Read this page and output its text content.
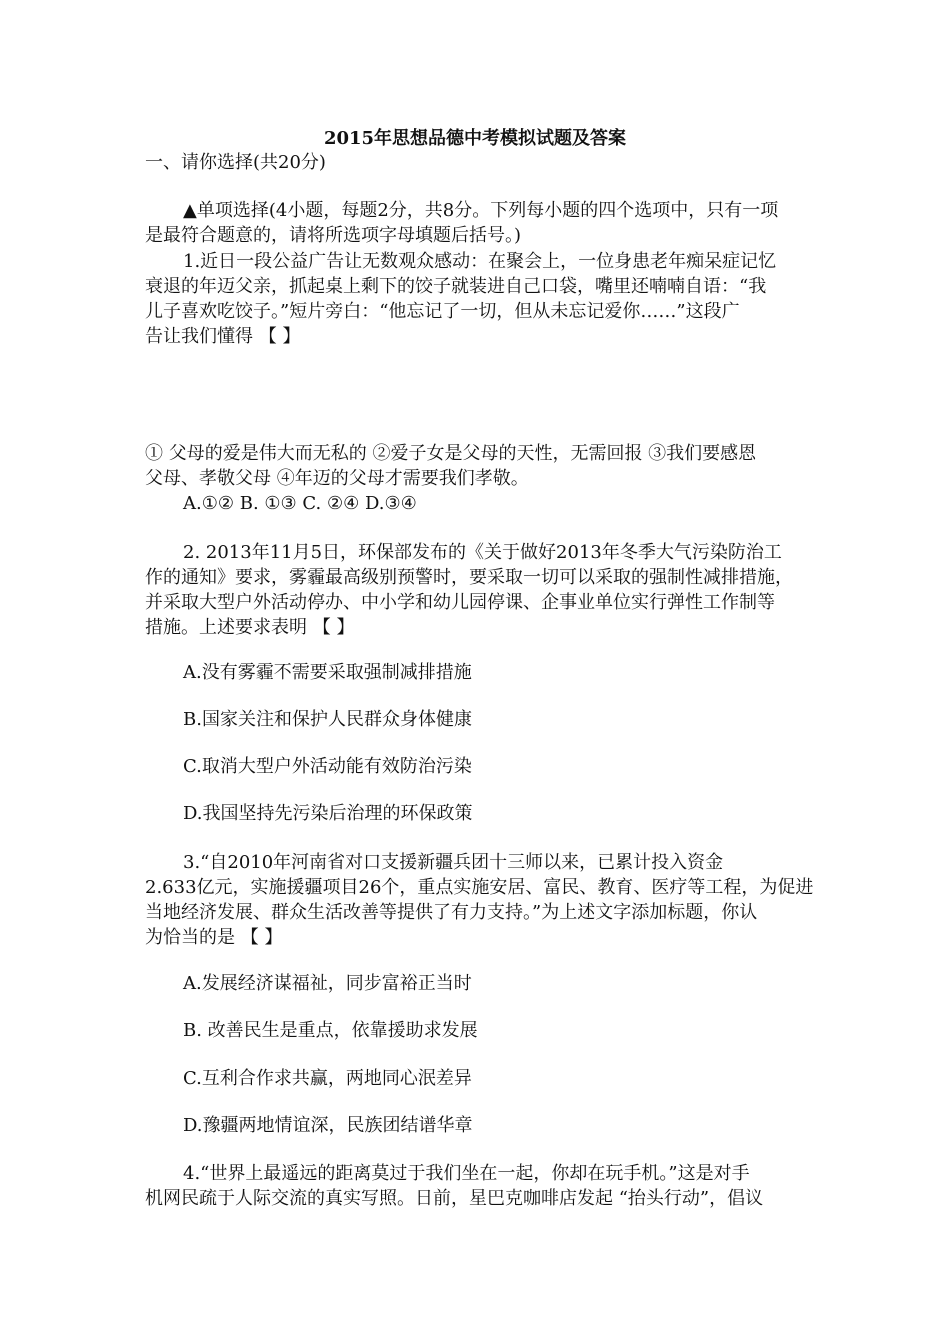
2015年思想品德中考模拟试题及答案
一、请你选择(共20分)
▲单项选择(4小题，每题2分，共8分。下列每小题的四个选项中，只有一项
是最符合题意的，请将所选项字母填题后括号。)
1.近日一段公益广告让无数观众感动：在聚会上，一位身患老年痴呆症记忆
衰退的年迈父亲，抓起桌上剩下的饺子就装进自己口袋，嘴里还喃喃自语：“我
儿子喜欢吃饺子。”短片旁白：“他忘记了一切，但从未忘记爱你……”这段广
告让我们懂得 【 】
① 父母的爱是伟大而无私的 ②爱子女是父母的天性，无需回报 ③我们要感恩
父母、孝敬父母 ④年迈的父母才需要我们孝敬。
A.①② B. ①③ C. ②④ D.③④
2. 2013年11月5日，环保部发布的《关于做好2013年冬季大气污染防治工
作的通知》要求，雾霾最高级别预警时，要采取一切可以采取的强制性减排措施，
并采取大型户外活动停办、中小学和幼儿园停课、企事业单位实行弹性工作制等
措施。上述要求表明 【 】
A.没有雾霾不需要采取强制减排措施
B.国家关注和保护人民群众身体健康
C.取消大型户外活动能有效防治污染
D.我国坚持先污染后治理的环保政策
3.“自2010年河南省对口支援新疆兵团十三师以来，已累计投入资金
2.633亿元，实施援疆项目26个，重点实施安居、富民、教育、医疗等工程，为促进
当地经济发展、群众生活改善等提供了有力支持。”为上述文字添加标题，你认
为恰当的是 【 】
A.发展经济谋福祉，同步富裕正当时
B. 改善民生是重点，依靠援助求发展
C.互利合作求共赢，两地同心泯差异
D.豫疆两地情谊深，民族团结谱华章
4.“世界上最遥远的距离莫过于我们坐在一起，你却在玩手机。”这是对手
机网民疏于人际交流的真实写照。日前，星巴克咖啡店发起 “抬头行动”，倡议
